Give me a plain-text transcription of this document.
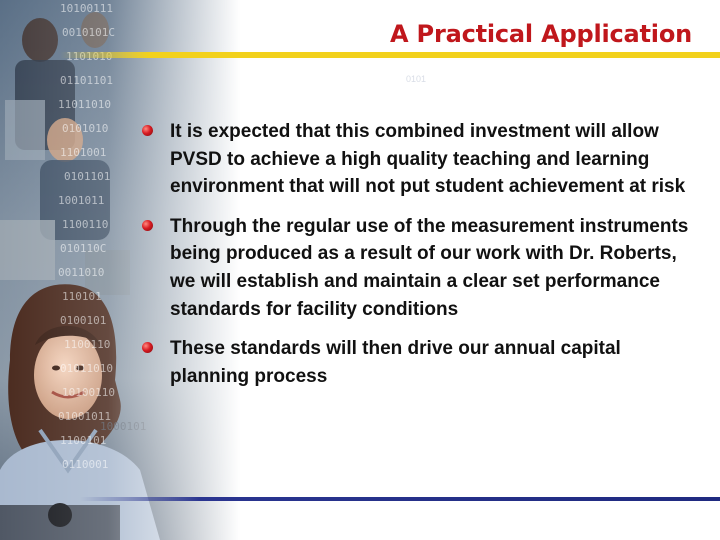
A Practical Application
0101
It is expected that this combined investment will allow PVSD to achieve a high quality teaching and learning environment that will not put student achievement at risk
Through the regular use of the measurement instruments being produced as a result of our work with Dr. Roberts, we will establish and maintain a clear set performance standards for facility conditions
These standards will then drive our annual capital planning process
